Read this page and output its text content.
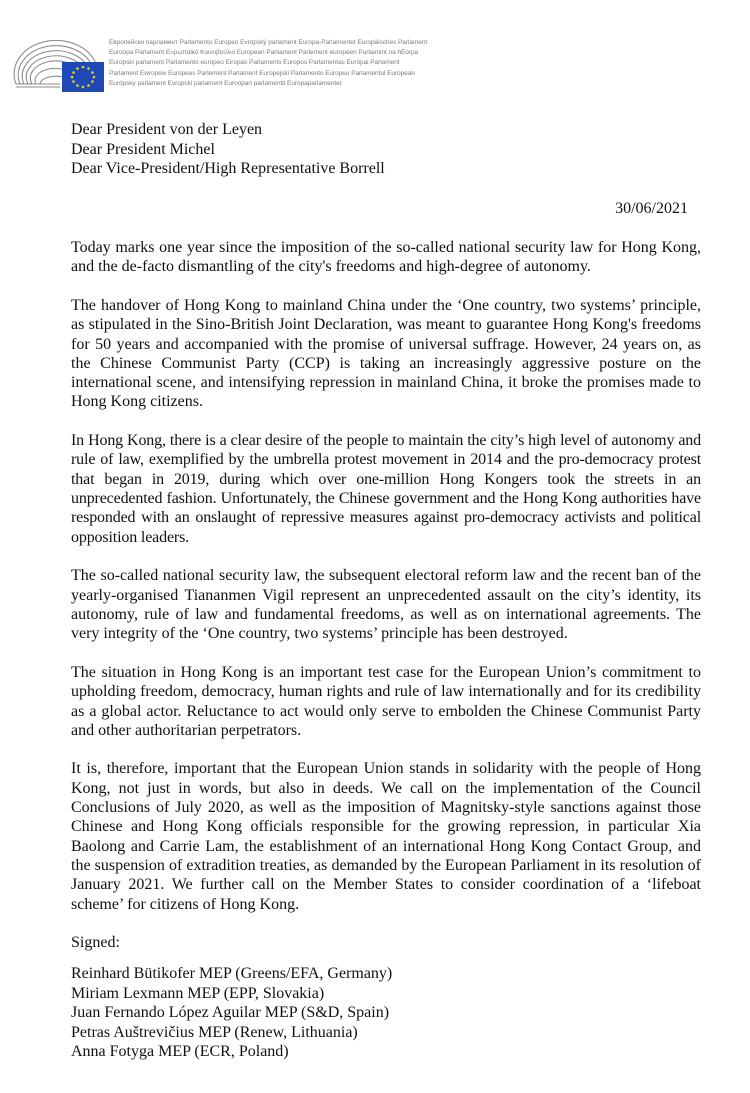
Европейски парламент Parlamento Europeo Evropský parlament Europa-Parlamentet Europäisches Parlament
Euroopa Parlament Ευρωπαϊκό Κοινοβούλιο European Parliament Parlement européen Parlaimint na hEorpa
Europski parlament Parlamento europeo Eiropas Parlaments Europos Parlamentas Európai Parlament
Parlament Ewropew Europees Parlement Parlament Europejski Parlamento Europeu Parlamentul European
Európsky parlament Evropski parlament Euroopan parlamentti Europaparlamentet
Dear President von der Leyen
Dear President Michel
Dear Vice-President/High Representative Borrell
30/06/2021

Today marks one year since the imposition of the so-called national security law for Hong Kong, and the de-facto dismantling of the city's freedoms and high-degree of autonomy.

The handover of Hong Kong to mainland China under the ‘One country, two systems’ principle, as stipulated in the Sino-British Joint Declaration, was meant to guarantee Hong Kong's freedoms for 50 years and accompanied with the promise of universal suffrage. However, 24 years on, as the Chinese Communist Party (CCP) is taking an increasingly aggressive posture on the international scene, and intensifying repression in mainland China, it broke the promises made to Hong Kong citizens.

In Hong Kong, there is a clear desire of the people to maintain the city’s high level of autonomy and rule of law, exemplified by the umbrella protest movement in 2014 and the pro-democracy protest that began in 2019, during which over one-million Hong Kongers took the streets in an unprecedented fashion. Unfortunately, the Chinese government and the Hong Kong authorities have responded with an onslaught of repressive measures against pro-democracy activists and political opposition leaders.

The so-called national security law, the subsequent electoral reform law and the recent ban of the yearly-organised Tiananmen Vigil represent an unprecedented assault on the city’s identity, its autonomy, rule of law and fundamental freedoms, as well as on international agreements. The very integrity of the ‘One country, two systems’ principle has been destroyed.

The situation in Hong Kong is an important test case for the European Union’s commitment to upholding freedom, democracy, human rights and rule of law internationally and for its credibility as a global actor. Reluctance to act would only serve to embolden the Chinese Communist Party and other authoritarian perpetrators.

It is, therefore, important that the European Union stands in solidarity with the people of Hong Kong, not just in words, but also in deeds. We call on the implementation of the Council Conclusions of July 2020, as well as the imposition of Magnitsky-style sanctions against those Chinese and Hong Kong officials responsible for the growing repression, in particular Xia Baolong and Carrie Lam, the establishment of an international Hong Kong Contact Group, and the suspension of extradition treaties, as demanded by the European Parliament in its resolution of January 2021. We further call on the Member States to consider coordination of a ‘lifeboat scheme’ for citizens of Hong Kong.

Signed:

Reinhard Bütikofer MEP (Greens/EFA, Germany)
Miriam Lexmann MEP (EPP, Slovakia)
Juan Fernando López Aguilar MEP (S&D, Spain)
Petras Auštrevičius MEP (Renew, Lithuania)
Anna Fotyga MEP (ECR, Poland)
